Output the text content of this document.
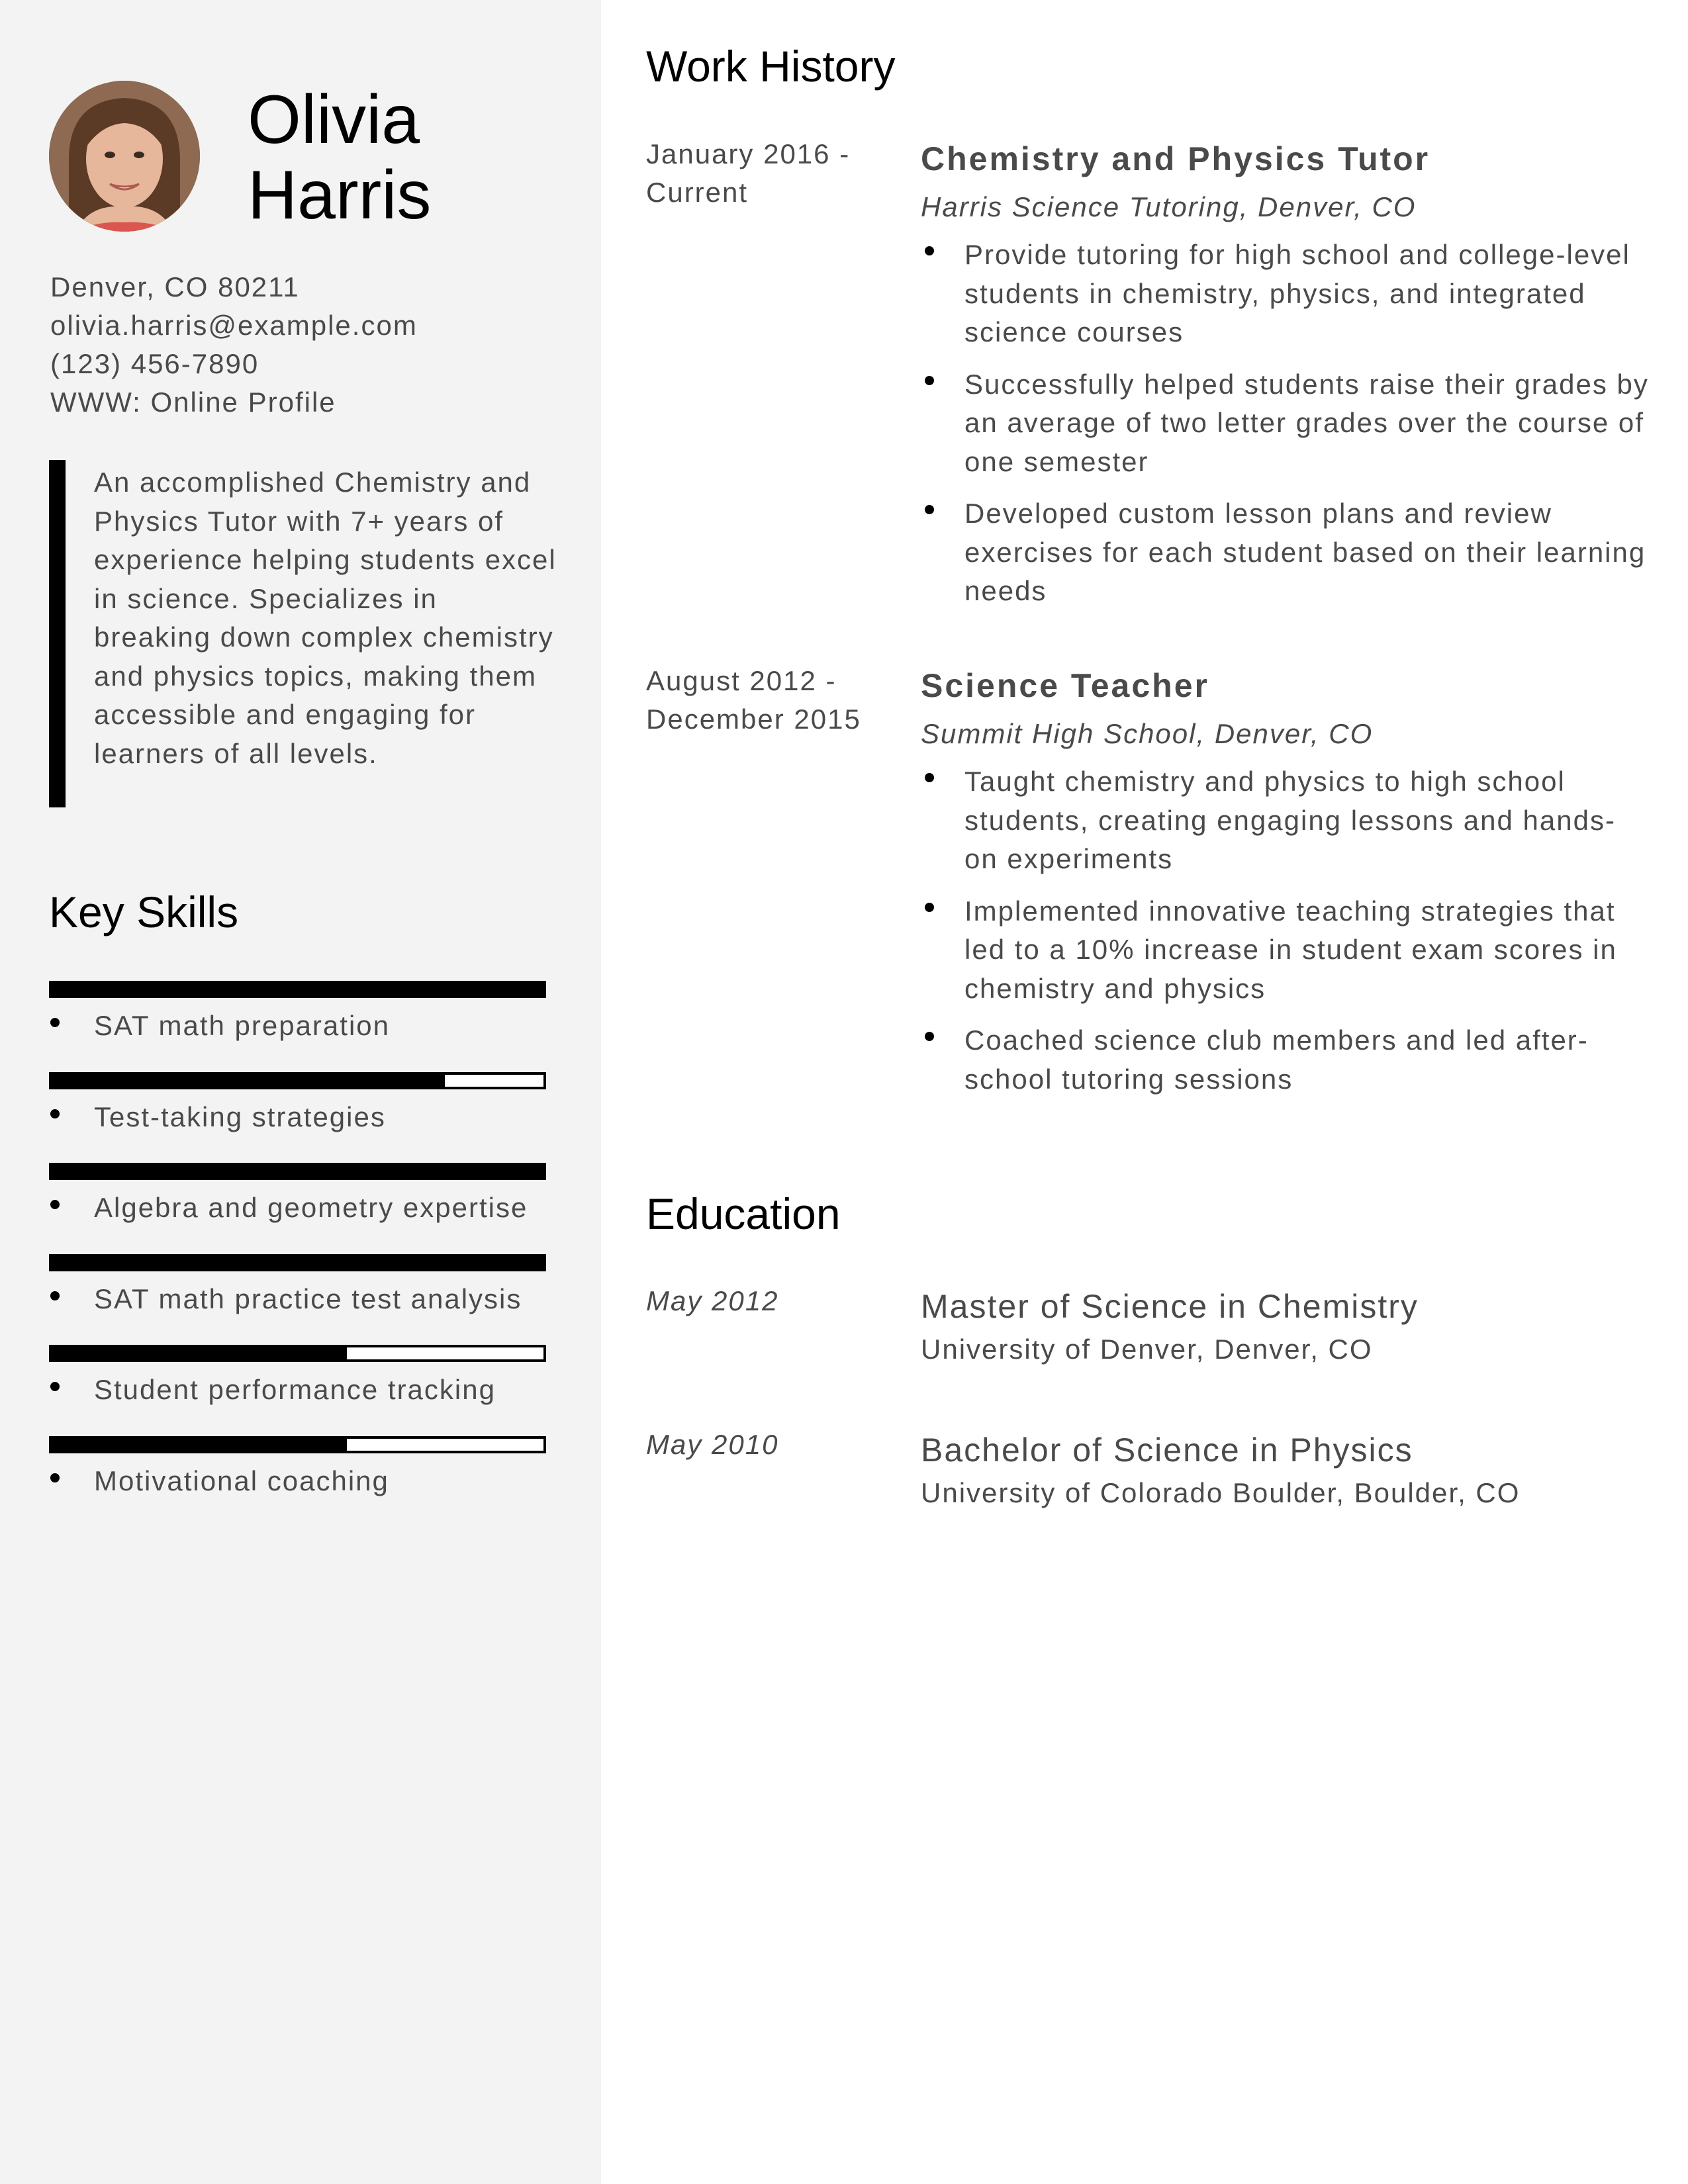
Olivia
Harris
Denver, CO 80211
olivia.harris@example.com
(123) 456-7890
WWW: Online Profile
An accomplished Chemistry and Physics Tutor with 7+ years of experience helping students excel in science. Specializes in breaking down complex chemistry and physics topics, making them accessible and engaging for learners of all levels.
Key Skills
SAT math preparation
Test-taking strategies
Algebra and geometry expertise
SAT math practice test analysis
Student performance tracking
Motivational coaching
Work History
January 2016 - Current
Chemistry and Physics Tutor
Harris Science Tutoring, Denver, CO
Provide tutoring for high school and college-level students in chemistry, physics, and integrated science courses
Successfully helped students raise their grades by an average of two letter grades over the course of one semester
Developed custom lesson plans and review exercises for each student based on their learning needs
August 2012 - December 2015
Science Teacher
Summit High School, Denver, CO
Taught chemistry and physics to high school students, creating engaging lessons and hands-on experiments
Implemented innovative teaching strategies that led to a 10% increase in student exam scores in chemistry and physics
Coached science club members and led after-school tutoring sessions
Education
May 2012	Master of Science in Chemistry
University of Denver, Denver, CO
May 2010	Bachelor of Science in Physics
University of Colorado Boulder, Boulder, CO
